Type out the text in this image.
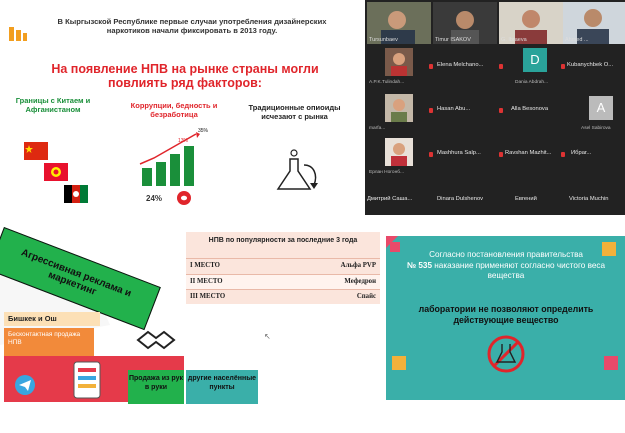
В Кыргызской Республике первые случаи употребления дизайнерских наркотиков начали фиксировать в 2013 году.
На появление НПВ на рынке страны могли повлиять ряд факторов:
Границы с Китаем и Афганистаном	Коррупции, бедность и безработица
Традиционные опиоиды исчезают с рынка
13%
35%
24%
Tursunbaev	Timur ISAKOV	G. Ibraeva	Ahmed ...
A.P.K.Tulindah...
Elena Melchano...	D
Dania Abdrah...
Kubanychbek O...
marfa...
Hasan Abu...	Alla Besonova	A
Asel Sabirova
Ерлан Ногонб...
Mashhura Salp...	Ravshan Mazhit...	Ибраг...
Дмитрий Саша...	Dinara Dulshenov	Евгений	Victoria Muchin
Агрессивная реклама и маркетинг
НПВ по популярности за последние 3 года
I МЕСТО	Альфа PVP
II МЕСТО	Мефедрон
III МЕСТО	Спайс
Бишкек и Ош
Бесконтактная продажа НПВ
Продажа из рук в руки
другие населённые пункты
↖
Согласно постановления правительства
№ 535 наказание применяют согласно чистого веса вещества
лаборатории не позволяют определить действующие вещество
